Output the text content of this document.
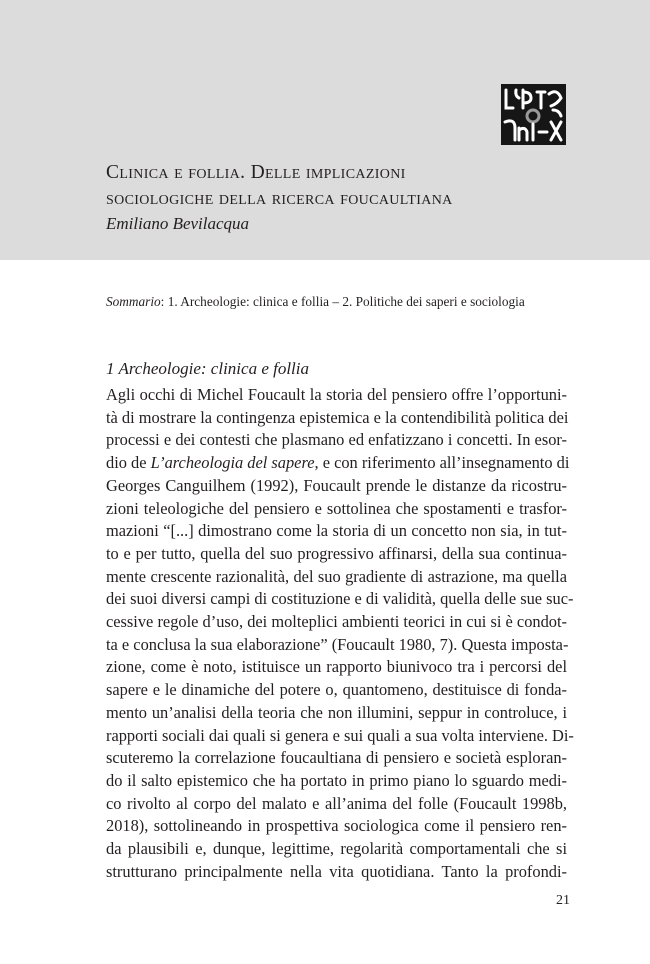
Clinica e follia. Delle implicazioni
sociologiche della ricerca foucaultiana
Emiliano Bevilacqua
Sommario: 1. Archeologie: clinica e follia – 2. Politiche dei saperi e sociologia
1 Archeologie: clinica e follia
Agli occhi di Michel Foucault la storia del pensiero offre l’opportuni-
tà di mostrare la contingenza epistemica e la contendibilità politica dei
processi e dei contesti che plasmano ed enfatizzano i concetti. In esor-
dio de L’archeologia del sapere, e con riferimento all’insegnamento di
Georges Canguilhem (1992), Foucault prende le distanze da ricostru-
zioni teleologiche del pensiero e sottolinea che spostamenti e trasfor-
mazioni “[...] dimostrano come la storia di un concetto non sia, in tut-
to e per tutto, quella del suo progressivo affinarsi, della sua continua-
mente crescente razionalità, del suo gradiente di astrazione, ma quella
dei suoi diversi campi di costituzione e di validità, quella delle sue suc-
cessive regole d’uso, dei molteplici ambienti teorici in cui si è condot-
ta e conclusa la sua elaborazione” (Foucault 1980, 7). Questa imposta-
zione, come è noto, istituisce un rapporto biunivoco tra i percorsi del
sapere e le dinamiche del potere o, quantomeno, destituisce di fonda-
mento un’analisi della teoria che non illumini, seppur in controluce, i
rapporti sociali dai quali si genera e sui quali a sua volta interviene. Di-
scuteremo la correlazione foucaultiana di pensiero e società esploran-
do il salto epistemico che ha portato in primo piano lo sguardo medi-
co rivolto al corpo del malato e all’anima del folle (Foucault 1998b,
2018), sottolineando in prospettiva sociologica come il pensiero ren-
da plausibili e, dunque, legittime, regolarità comportamentali che si
strutturano principalmente nella vita quotidiana. Tanto la profondi-
21
